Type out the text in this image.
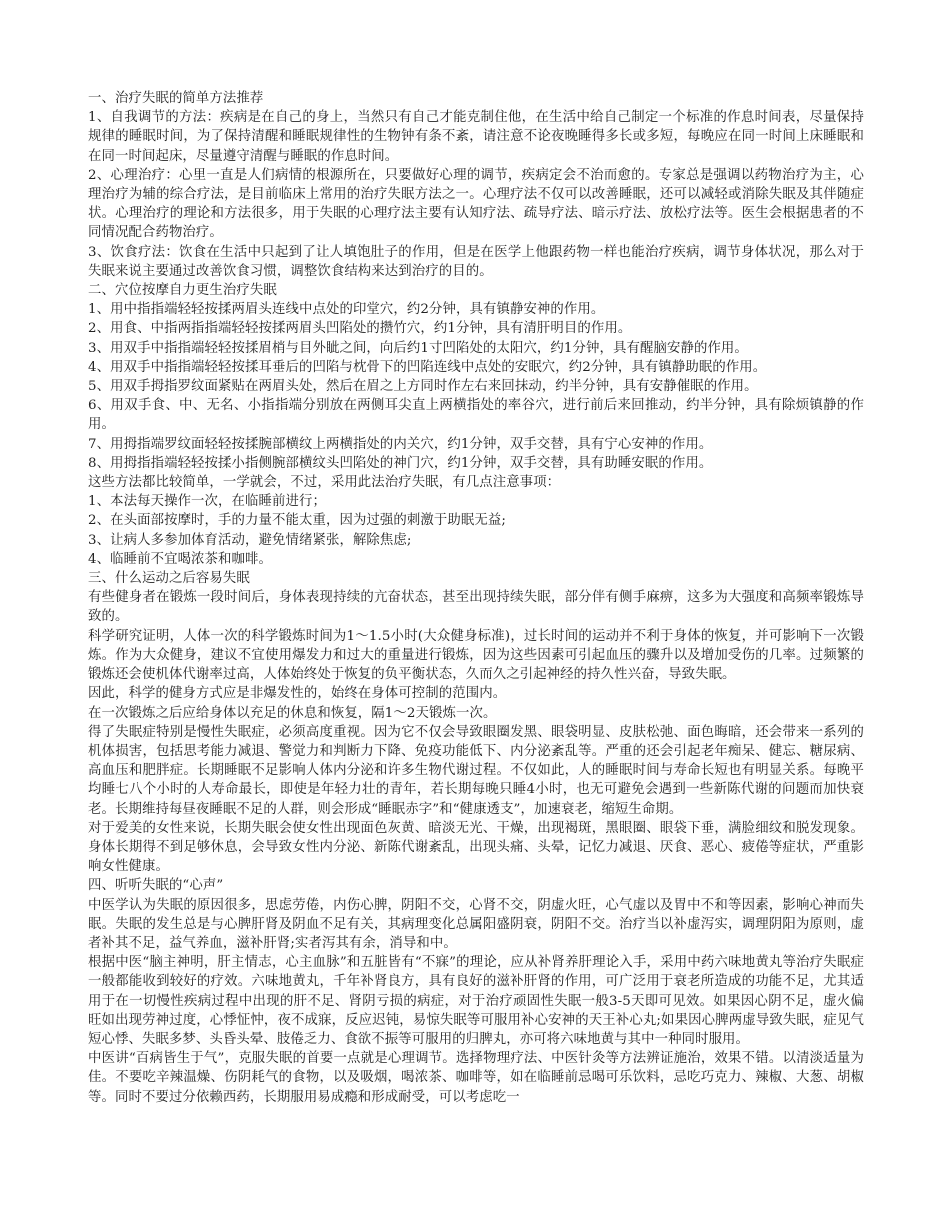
一、治疗失眠的简单方法推荐

1、自我调节的方法：疾病是在自己的身上，当然只有自己才能克制住他，在生活中给自己制定一个标准的作息时间表，尽量保持规律的睡眠时间，为了保持清醒和睡眠规律性的生物钟有条不紊，请注意不论夜晚睡得多长或多短，每晚应在同一时间上床睡眠和在同一时间起床，尽量遵守清醒与睡眠的作息时间。

2、心理治疗：心里一直是人们病情的根源所在，只要做好心理的调节，疾病定会不治而愈的。专家总是强调以药物治疗为主，心理治疗为辅的综合疗法，是目前临床上常用的治疗失眠方法之一。心理疗法不仅可以改善睡眠，还可以减轻或消除失眠及其伴随症状。心理治疗的理论和方法很多，用于失眠的心理疗法主要有认知疗法、疏导疗法、暗示疗法、放松疗法等。医生会根据患者的不同情况配合药物治疗。

3、饮食疗法：饮食在生活中只起到了让人填饱肚子的作用，但是在医学上他跟药物一样也能治疗疾病，调节身体状况，那么对于失眠来说主要通过改善饮食习惯，调整饮食结构来达到治疗的目的。

二、穴位按摩自力更生治疗失眠

1、用中指指端轻轻按揉两眉头连线中点处的印堂穴，约2分钟，具有镇静安神的作用。

2、用食、中指两指指端轻轻按揉两眉头凹陷处的攒竹穴，约1分钟，具有清肝明目的作用。

3、用双手中指指端轻轻按揉眉梢与目外眦之间，向后约1寸凹陷处的太阳穴，约1分钟，具有醒脑安静的作用。

4、用双手中指指端轻轻按揉耳垂后的凹陷与枕骨下的凹陷连线中点处的安眠穴，约2分钟，具有镇静助眠的作用。

5、用双手拇指罗纹面紧贴在两眉头处，然后在眉之上方同时作左右来回抹动，约半分钟，具有安静催眠的作用。

6、用双手食、中、无名、小指指端分别放在两侧耳尖直上两横指处的率谷穴，进行前后来回推动，约半分钟，具有除烦镇静的作用。

7、用拇指端罗纹面轻轻按揉腕部横纹上两横指处的内关穴，约1分钟，双手交替，具有宁心安神的作用。

8、用拇指指端轻轻按揉小指侧腕部横纹头凹陷处的神门穴，约1分钟，双手交替，具有助睡安眠的作用。

这些方法都比较简单，一学就会，不过，采用此法治疗失眠，有几点注意事项：

1、本法每天操作一次，在临睡前进行；

2、在头面部按摩时，手的力量不能太重，因为过强的刺激于助眠无益;

3、让病人多参加体育活动，避免情绪紧张，解除焦虑;

4、临睡前不宜喝浓茶和咖啡。

三、什么运动之后容易失眠

有些健身者在锻炼一段时间后，身体表现持续的亢奋状态，甚至出现持续失眠，部分伴有侧手麻痹，这多为大强度和高频率锻炼导致的。

科学研究证明，人体一次的科学锻炼时间为1～1.5小时(大众健身标准)，过长时间的运动并不利于身体的恢复，并可影响下一次锻炼。作为大众健身，建议不宜使用爆发力和过大的重量进行锻炼，因为这些因素可引起血压的骤升以及增加受伤的几率。过频繁的锻炼还会使机体代谢率过高，人体始终处于恢复的负平衡状态，久而久之引起神经的持久性兴奋，导致失眠。

因此，科学的健身方式应是非爆发性的，始终在身体可控制的范围内。

在一次锻炼之后应给身体以充足的休息和恢复，隔1～2天锻炼一次。

得了失眠症特别是慢性失眠症，必须高度重视。因为它不仅会导致眼圈发黑、眼袋明显、皮肤松弛、面色晦暗，还会带来一系列的机体损害，包括思考能力减退、警觉力和判断力下降、免疫功能低下、内分泌紊乱等。严重的还会引起老年痴呆、健忘、糖尿病、高血压和肥胖症。长期睡眠不足影响人体内分泌和许多生物代谢过程。不仅如此，人的睡眠时间与寿命长短也有明显关系。每晚平均睡七八个小时的人寿命最长，即使是年轻力壮的青年，若长期每晚只睡4小时，也无可避免会遇到一些新陈代谢的问题而加快衰老。长期维持每昼夜睡眠不足的人群，则会形成“睡眠赤字”和“健康透支”，加速衰老，缩短生命期。

对于爱美的女性来说，长期失眠会使女性出现面色灰黄、暗淡无光、干燥，出现褐斑，黑眼圈、眼袋下垂，满脸细纹和脱发现象。身体长期得不到足够休息，会导致女性内分泌、新陈代谢紊乱，出现头痛、头晕，记忆力减退、厌食、恶心、疲倦等症状，严重影响女性健康。

四、听听失眠的“心声”

中医学认为失眠的原因很多，思虑劳倦，内伤心脾，阴阳不交，心肾不交，阴虚火旺，心气虚以及胃中不和等因素，影响心神而失眠。失眠的发生总是与心脾肝肾及阴血不足有关，其病理变化总属阳盛阴衰，阴阳不交。治疗当以补虚泻实，调理阴阳为原则，虚者补其不足，益气养血，滋补肝肾;实者泻其有余，消导和中。

根据中医“脑主神明，肝主情志，心主血脉”和五脏皆有“不寐”的理论，应从补肾养肝理论入手，采用中药六味地黄丸等治疗失眠症一般都能收到较好的疗效。六味地黄丸，千年补肾良方，具有良好的滋补肝肾的作用，可广泛用于衰老所造成的功能不足，尤其适用于在一切慢性疾病过程中出现的肝不足、肾阴亏损的病症，对于治疗顽固性失眠一般3-5天即可见效。如果因心阴不足，虚火偏旺如出现劳神过度，心悸怔忡，夜不成寐，反应迟钝，易惊失眠等可服用补心安神的天王补心丸;如果因心脾两虚导致失眠，症见气短心悸、失眠多梦、头昏头晕、肢倦乏力、食欲不振等可服用的归脾丸，亦可将六味地黄与其中一种同时服用。

中医讲“百病皆生于气”，克服失眠的首要一点就是心理调节。选择物理疗法、中医针灸等方法辨证施治，效果不错。以清淡适量为佳。不要吃辛辣温燥、伤阴耗气的食物，以及吸烟，喝浓茶、咖啡等，如在临睡前忌喝可乐饮料，忌吃巧克力、辣椒、大葱、胡椒等。同时不要过分依赖西药，长期服用易成瘾和形成耐受，可以考虑吃一
